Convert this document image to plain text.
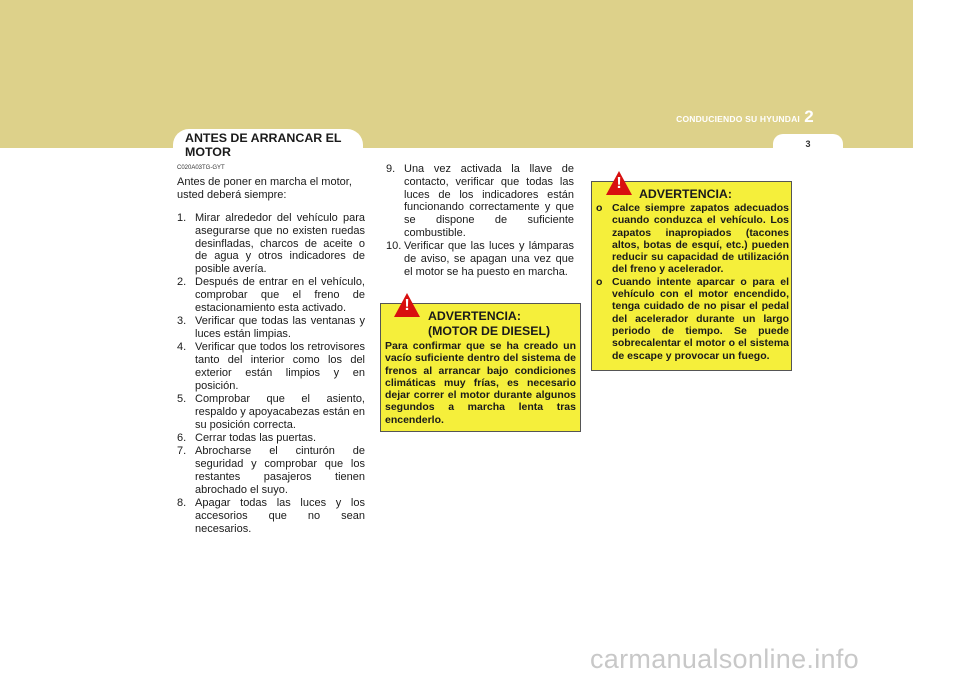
CONDUCIENDO SU HYUNDAI 2
3
ANTES DE ARRANCAR EL MOTOR
C020A03TG-GYT
Antes de poner en marcha el motor, usted deberá siempre:
1. Mirar alrededor del vehículo para asegurarse que no existen ruedas desinfladas, charcos de aceite o de agua y otros indicadores de posible avería.
2. Después de entrar en el vehículo, comprobar que el freno de estacionamiento esta activado.
3. Verificar que todas las ventanas y luces están limpias.
4. Verificar que todos los retrovisores tanto del interior como los del exterior están limpios y en posición.
5. Comprobar que el asiento, respaldo y apoyacabezas están en su posición correcta.
6. Cerrar todas las puertas.
7. Abrocharse el cinturón de seguridad y comprobar que los restantes pasajeros tienen abrochado el suyo.
8. Apagar todas las luces y los accesorios que no sean necesarios.
9. Una vez activada la llave de contacto, verificar que todas las luces de los indicadores están funcionando correctamente y que se dispone de suficiente combustible.
10. Verificar que las luces y lámparas de aviso, se apagan una vez que el motor se ha puesto en marcha.
!
ADVERTENCIA:
(MOTOR DE DIESEL)
Para confirmar que se ha creado un vacío suficiente dentro del sistema de frenos al arrancar bajo condiciones climáticas muy frías, es necesario dejar correr el motor durante algunos segundos a marcha lenta tras encenderlo.
!
ADVERTENCIA:
o Calce siempre zapatos adecuados cuando conduzca el vehículo. Los zapatos inapropiados (tacones altos, botas de esquí, etc.) pueden reducir su capacidad de utilización del freno y acelerador.
o Cuando intente aparcar o para el vehículo con el motor encendido, tenga cuidado de no pisar el pedal del acelerador durante un largo periodo de tiempo. Se puede sobrecalentar el motor o el sistema de escape y provocar un fuego.
carmanualsonline.info
